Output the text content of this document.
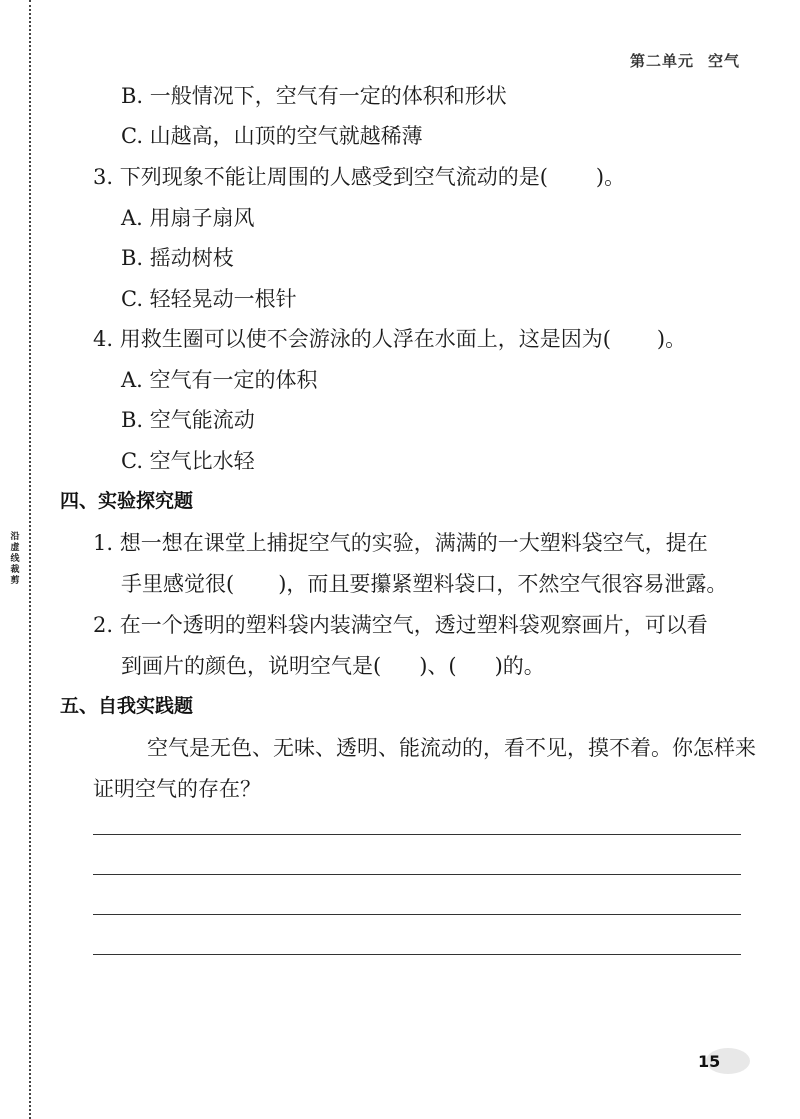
沿虚线裁剪
第二单元 空气
B. 一般情况下，空气有一定的体积和形状
C. 山越高，山顶的空气就越稀薄
3. 下列现象不能让周围的人感受到空气流动的是( )。
A. 用扇子扇风
B. 摇动树枝
C. 轻轻晃动一根针
4. 用救生圈可以使不会游泳的人浮在水面上，这是因为( )。
A. 空气有一定的体积
B. 空气能流动
C. 空气比水轻
四、实验探究题
1. 想一想在课堂上捕捉空气的实验，满满的一大塑料袋空气，提在
手里感觉很( )，而且要攥紧塑料袋口，不然空气很容易泄露。
2. 在一个透明的塑料袋内装满空气，透过塑料袋观察画片，可以看
到画片的颜色，说明空气是( )、( )的。
五、自我实践题
空气是无色、无味、透明、能流动的，看不见，摸不着。你怎样来
证明空气的存在？
15
